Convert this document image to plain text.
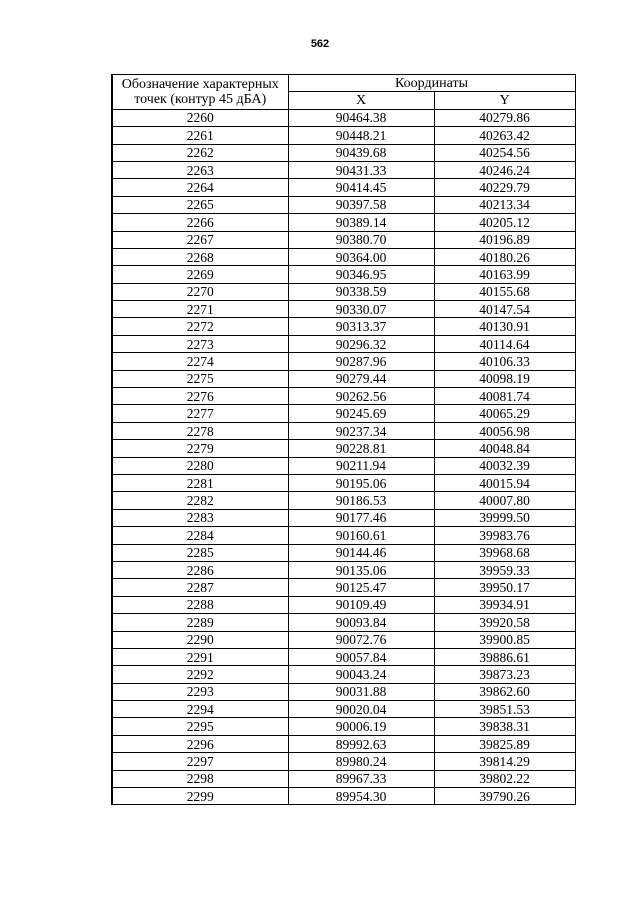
562
Обозначение характерных
точек (контур 45 дБА)	Координаты	
	X	Y
2260	90464.38	40279.86
2261	90448.21	40263.42
2262	90439.68	40254.56
2263	90431.33	40246.24
2264	90414.45	40229.79
2265	90397.58	40213.34
2266	90389.14	40205.12
2267	90380.70	40196.89
2268	90364.00	40180.26
2269	90346.95	40163.99
2270	90338.59	40155.68
2271	90330.07	40147.54
2272	90313.37	40130.91
2273	90296.32	40114.64
2274	90287.96	40106.33
2275	90279.44	40098.19
2276	90262.56	40081.74
2277	90245.69	40065.29
2278	90237.34	40056.98
2279	90228.81	40048.84
2280	90211.94	40032.39
2281	90195.06	40015.94
2282	90186.53	40007.80
2283	90177.46	39999.50
2284	90160.61	39983.76
2285	90144.46	39968.68
2286	90135.06	39959.33
2287	90125.47	39950.17
2288	90109.49	39934.91
2289	90093.84	39920.58
2290	90072.76	39900.85
2291	90057.84	39886.61
2292	90043.24	39873.23
2293	90031.88	39862.60
2294	90020.04	39851.53
2295	90006.19	39838.31
2296	89992.63	39825.89
2297	89980.24	39814.29
2298	89967.33	39802.22
2299	89954.30	39790.26
